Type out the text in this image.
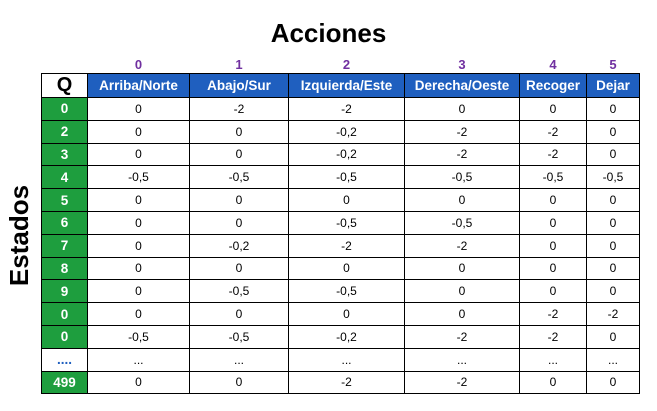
Acciones
Estados
	0	1	2	3	4	5
Q	Arriba/Norte	Abajo/Sur	Izquierda/Este	Derecha/Oeste	Recoger	Dejar
0	0	-2	-2	0	0	0
2	0	0	-0,2	-2	-2	0
3	0	0	-0,2	-2	-2	0
4	-0,5	-0,5	-0,5	-0,5	-0,5	-0,5
5	0	0	0	0	0	0
6	0	0	-0,5	-0,5	0	0
7	0	-0,2	-2	-2	0	0
8	0	0	0	0	0	0
9	0	-0,5	-0,5	0	0	0
0	0	0	0	0	-2	-2
0	-0,5	-0,5	-0,2	-2	-2	0
....	...	...	...	...	...	...
499	0	0	-2	-2	0	0
